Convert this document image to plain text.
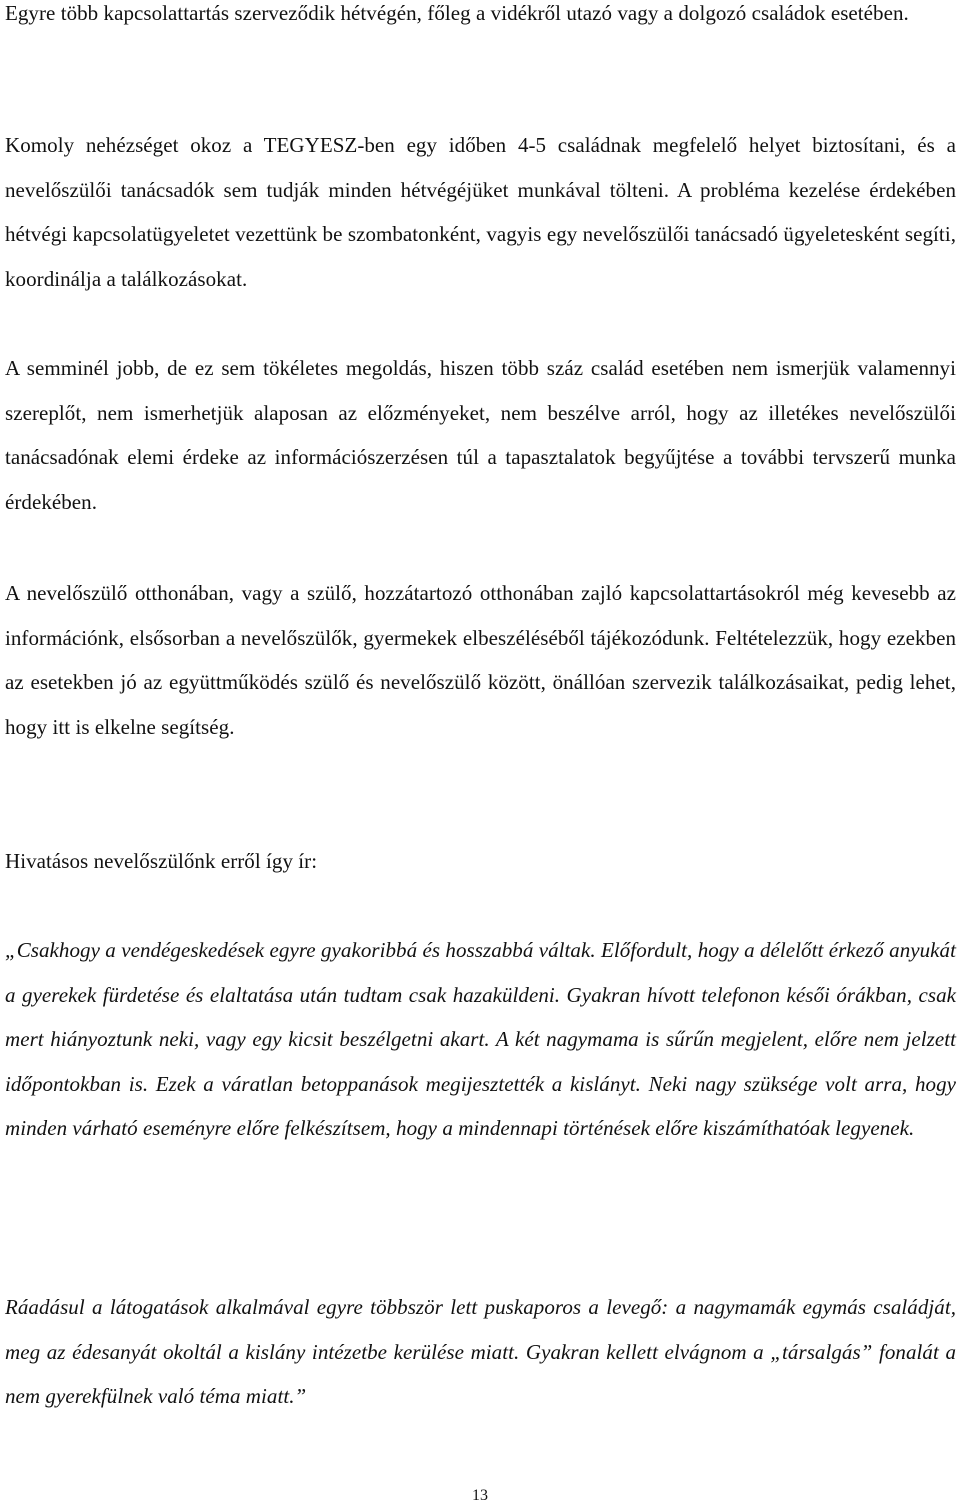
Egyre több kapcsolattartás szerveződik hétvégén, főleg a vidékről utazó vagy a dolgozó családok esetében.

Komoly nehézséget okoz a TEGYESZ-ben egy időben 4-5 családnak megfelelő helyet biztosítani, és a nevelőszülői tanácsadók sem tudják minden hétvégéjüket munkával tölteni. A probléma kezelése érdekében hétvégi kapcsolatügyeletet vezettünk be szombatonként, vagyis egy nevelőszülői tanácsadó ügyeletesként segíti, koordinálja a találkozásokat.

A semminél jobb, de ez sem tökéletes megoldás, hiszen több száz család esetében nem ismerjük valamennyi szereplőt, nem ismerhetjük alaposan az előzményeket, nem beszélve arról, hogy az illetékes nevelőszülői tanácsadónak elemi érdeke az információszerzésen túl a tapasztalatok begyűjtése a további tervszerű munka érdekében.

A nevelőszülő otthonában, vagy a szülő, hozzátartozó otthonában zajló kapcsolattartásokról még kevesebb az információnk, elsősorban a nevelőszülők, gyermekek elbeszéléséből tájékozódunk. Feltételezzük, hogy ezekben az esetekben jó az együttműködés szülő és nevelőszülő között, önállóan szervezik találkozásaikat, pedig lehet, hogy itt is elkelne segítség.

Hivatásos nevelőszülőnk erről így ír:

„Csakhogy a vendégeskedések egyre gyakoribbá és hosszabbá váltak. Előfordult, hogy a délelőtt érkező anyukát a gyerekek fürdetése és elaltatása után tudtam csak hazaküldeni. Gyakran hívott telefonon késői órákban, csak mert hiányoztunk neki, vagy egy kicsit beszélgetni akart. A két nagymama is sűrűn megjelent, előre nem jelzett időpontokban is. Ezek a váratlan betoppanások megijesztették a kislányt. Neki nagy szüksége volt arra, hogy minden várható eseményre előre felkészítsem, hogy a mindennapi történések előre kiszámíthatóak legyenek.

Ráadásul a látogatások alkalmával egyre többször lett puskaporos a levegő: a nagymamák egymás családját, meg az édesanyát okoltál a kislány intézetbe kerülése miatt. Gyakran kellett elvágnom a „társalgás” fonalát a nem gyerekfülnek való téma miatt.”

13
